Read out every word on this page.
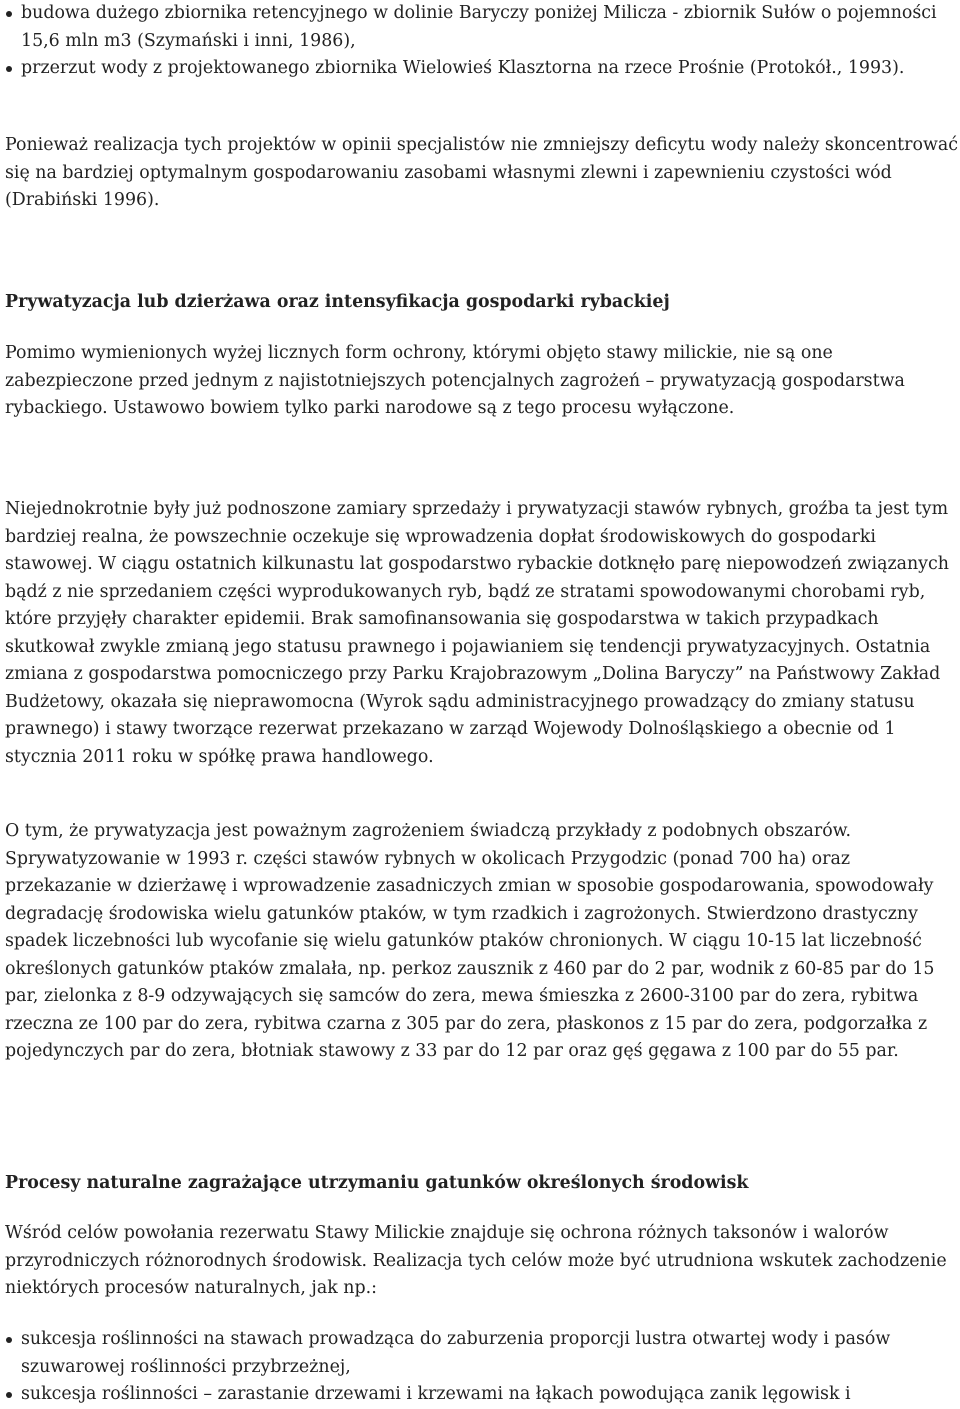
budowa dużego zbiornika retencyjnego w dolinie Baryczy poniżej Milicza - zbiornik Sułów o pojemności 15,6 mln m3 (Szymański i inni, 1986),
przerzut wody z projektowanego zbiornika Wielowieś Klasztorna na rzece Prośnie (Protokół., 1993).

Ponieważ realizacja tych projektów w opinii specjalistów nie zmniejszy deficytu wody należy skoncentrować się na bardziej optymalnym gospodarowaniu zasobami własnymi zlewni i zapewnieniu czystości wód (Drabiński 1996).

Prywatyzacja lub dzierżawa oraz intensyfikacja gospodarki rybackiej

Pomimo wymienionych wyżej licznych form ochrony, którymi objęto stawy milickie, nie są one zabezpieczone przed jednym z najistotniejszych potencjalnych zagrożeń – prywatyzacją gospodarstwa rybackiego. Ustawowo bowiem tylko parki narodowe są z tego procesu wyłączone.

Niejednokrotnie były już podnoszone zamiary sprzedaży i prywatyzacji stawów rybnych, groźba ta jest tym bardziej realna, że powszechnie oczekuje się wprowadzenia dopłat środowiskowych do gospodarki stawowej. W ciągu ostatnich kilkunastu lat gospodarstwo rybackie dotknęło parę niepowodzeń związanych bądź z nie sprzedaniem części wyprodukowanych ryb, bądź ze stratami spowodowanymi chorobami ryb, które przyjęły charakter epidemii. Brak samofinansowania się gospodarstwa w takich przypadkach skutkował zwykle zmianą jego statusu prawnego i pojawianiem się tendencji prywatyzacyjnych. Ostatnia zmiana z gospodarstwa pomocniczego przy Parku Krajobrazowym „Dolina Baryczy” na Państwowy Zakład Budżetowy, okazała się nieprawomocna (Wyrok sądu administracyjnego prowadzący do zmiany statusu prawnego) i stawy tworzące rezerwat przekazano w zarząd Wojewody Dolnośląskiego a obecnie od 1 stycznia 2011 roku w spółkę prawa handlowego.

O tym, że prywatyzacja jest poważnym zagrożeniem świadczą przykłady z podobnych obszarów. Sprywatyzowanie w 1993 r. części stawów rybnych w okolicach Przygodzic (ponad 700 ha) oraz przekazanie w dzierżawę i wprowadzenie zasadniczych zmian w sposobie gospodarowania, spowodowały degradację środowiska wielu gatunków ptaków, w tym rzadkich i zagrożonych. Stwierdzono drastyczny spadek liczebności lub wycofanie się wielu gatunków ptaków chronionych. W ciągu 10-15 lat liczebność określonych gatunków ptaków zmalała, np. perkoz zausznik z 460 par do 2 par, wodnik z 60-85 par do 15 par, zielonka z 8-9 odzywających się samców do zera, mewa śmieszka z 2600-3100 par do zera, rybitwa rzeczna ze 100 par do zera, rybitwa czarna z 305 par do zera, płaskonos z 15 par do zera, podgorzałka z pojedynczych par do zera, błotniak stawowy z 33 par do 12 par oraz gęś gęgawa z 100 par do 55 par.

Procesy naturalne zagrażające utrzymaniu gatunków określonych środowisk

Wśród celów powołania rezerwatu Stawy Milickie znajduje się ochrona różnych taksonów i walorów przyrodniczych różnorodnych środowisk. Realizacja tych celów może być utrudniona wskutek zachodzenie niektórych procesów naturalnych, jak np.:

sukcesja roślinności na stawach prowadząca do zaburzenia proporcji lustra otwartej wody i pasów szuwarowej roślinności przybrzeżnej,
sukcesja roślinności – zarastanie drzewami i krzewami na łąkach powodująca zanik lęgowisk i
